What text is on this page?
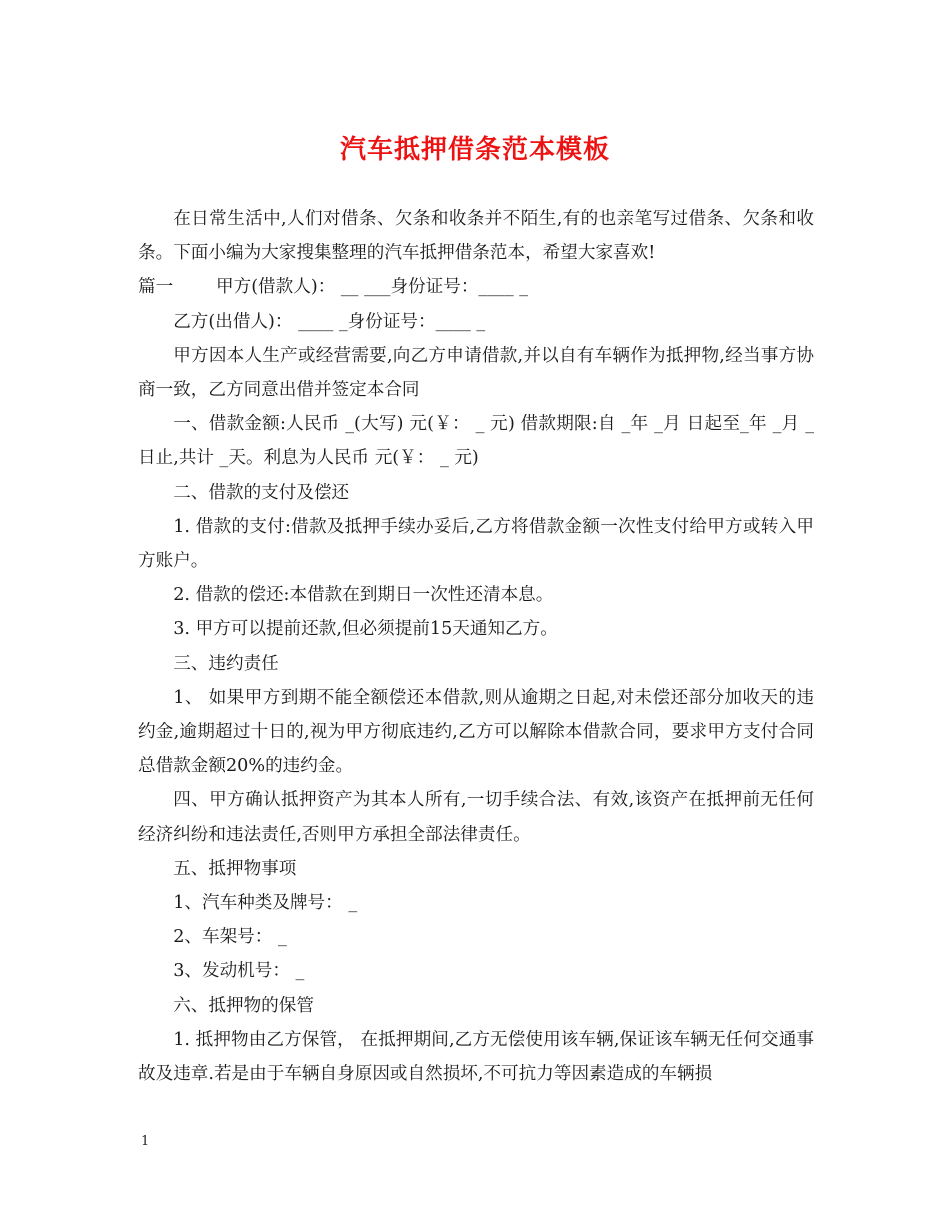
汽车抵押借条范本模板

在日常生活中,人们对借条、欠条和收条并不陌生,有的也亲笔写过借条、欠条和收条。下面小编为大家搜集整理的汽车抵押借条范本，希望大家喜欢!

篇一 甲方(借款人)： __ ___身份证号：____ _

乙方(出借人)： ____ _身份证号：____ _

甲方因本人生产或经营需要,向乙方申请借款,并以自有车辆作为抵押物,经当事方协商一致，乙方同意出借并签定本合同

一、借款金额:人民币 _(大写) 元(￥： _ 元) 借款期限:自 _年 _月 日起至_年 _月 _日止,共计 _天。利息为人民币 元(￥： _ 元)

二、借款的支付及偿还

1. 借款的支付:借款及抵押手续办妥后,乙方将借款金额一次性支付给甲方或转入甲方账户。

2. 借款的偿还:本借款在到期日一次性还清本息。

3. 甲方可以提前还款,但必须提前15天通知乙方。

三、违约责任

1、 如果甲方到期不能全额偿还本借款,则从逾期之日起,对未偿还部分加收天的违约金,逾期超过十日的,视为甲方彻底违约,乙方可以解除本借款合同，要求甲方支付合同总借款金额20%的违约金。

四、甲方确认抵押资产为其本人所有,一切手续合法、有效,该资产在抵押前无任何经济纠纷和违法责任,否则甲方承担全部法律责任。

五、抵押物事项

1、汽车种类及牌号： _

2、车架号： _

3、发动机号： _

六、抵押物的保管

1. 抵押物由乙方保管， 在抵押期间,乙方无偿使用该车辆,保证该车辆无任何交通事故及违章.若是由于车辆自身原因或自然损坏,不可抗力等因素造成的车辆损

1
